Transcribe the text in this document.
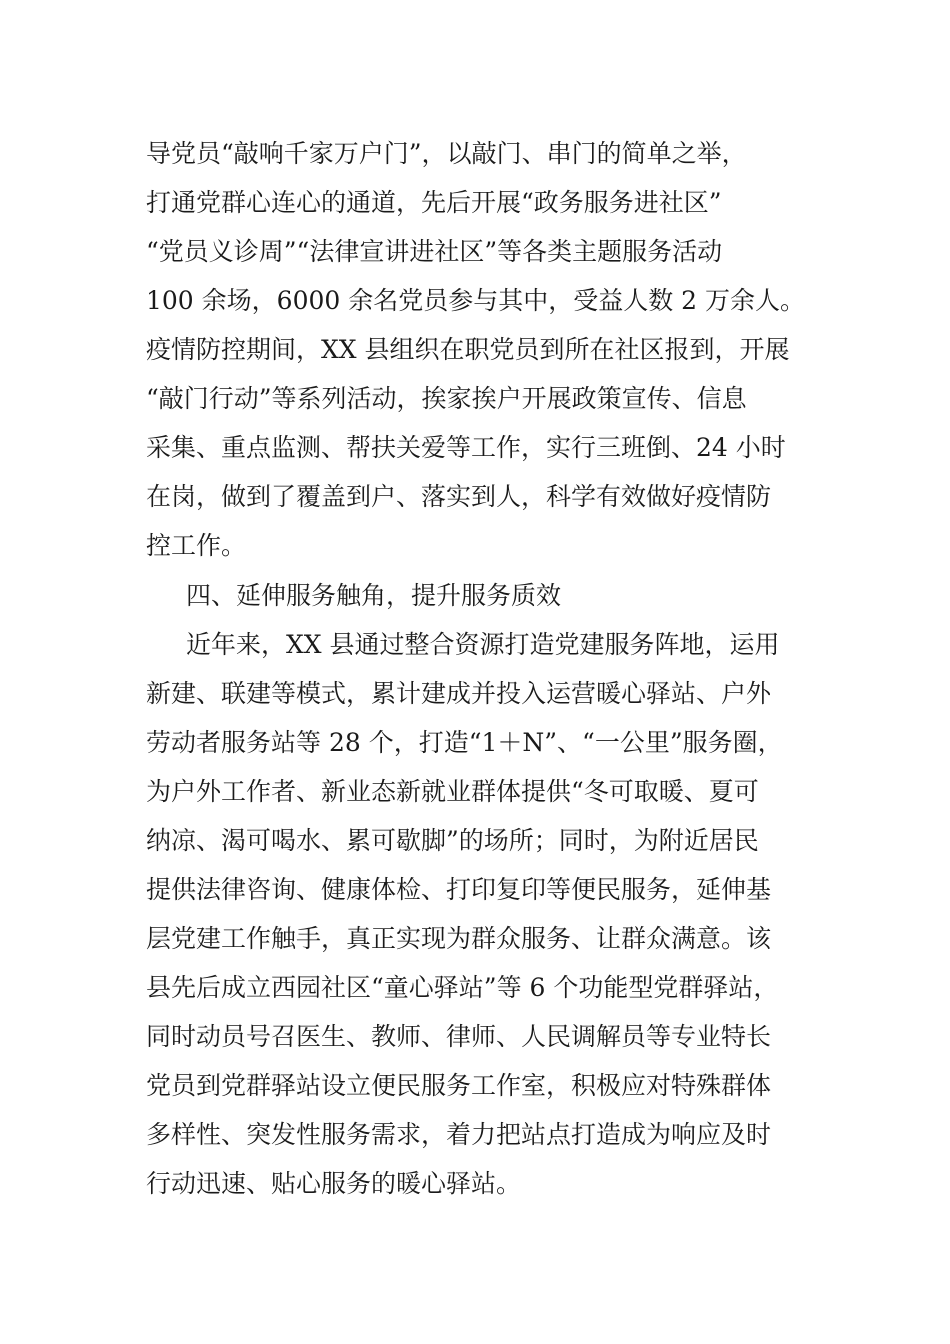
导党员“敲响千家万户门”，以敲门、串门的简单之举，
打通党群心连心的通道，先后开展“政务服务进社区”
“党员义诊周”“法律宣讲进社区”等各类主题服务活动
100 余场，6000 余名党员参与其中，受益人数 2 万余人。
疫情防控期间，XX 县组织在职党员到所在社区报到，开展
“敲门行动”等系列活动，挨家挨户开展政策宣传、信息
采集、重点监测、帮扶关爱等工作，实行三班倒、24 小时
在岗，做到了覆盖到户、落实到人，科学有效做好疫情防
控工作。
四、延伸服务触角，提升服务质效
近年来，XX 县通过整合资源打造党建服务阵地，运用
新建、联建等模式，累计建成并投入运营暖心驿站、户外
劳动者服务站等 28 个，打造“1＋N”、“一公里”服务圈，
为户外工作者、新业态新就业群体提供“冬可取暖、夏可
纳凉、渴可喝水、累可歇脚”的场所；同时，为附近居民
提供法律咨询、健康体检、打印复印等便民服务，延伸基
层党建工作触手，真正实现为群众服务、让群众满意。该
县先后成立西园社区“童心驿站”等 6 个功能型党群驿站，
同时动员号召医生、教师、律师、人民调解员等专业特长
党员到党群驿站设立便民服务工作室，积极应对特殊群体
多样性、突发性服务需求，着力把站点打造成为响应及时
行动迅速、贴心服务的暖心驿站。
